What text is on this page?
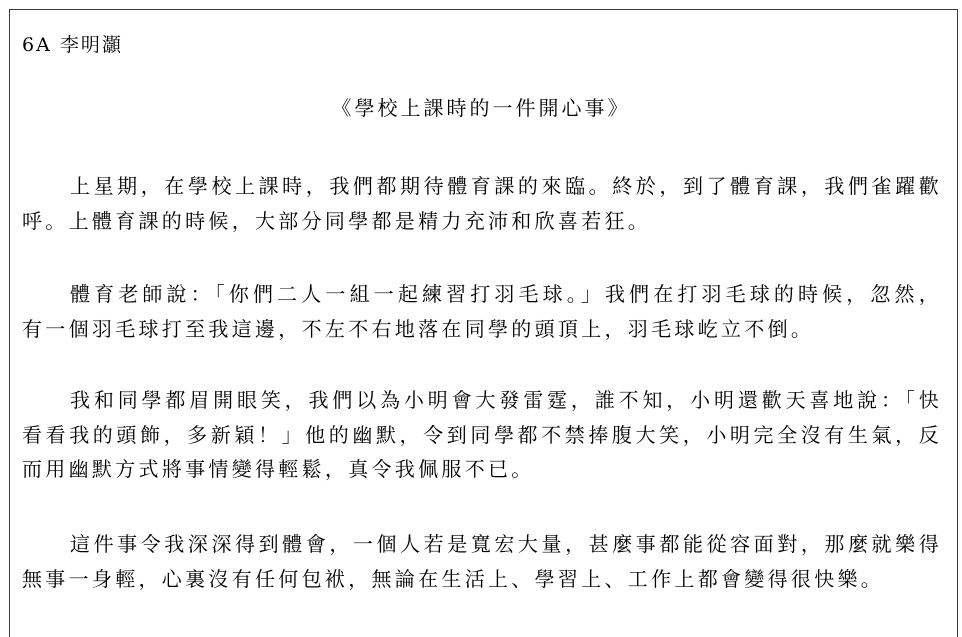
6A 李明灝
《學校上課時的一件開心事》
上星期，在學校上課時，我們都期待體育課的來臨。終於，到了體育課，我們雀躍歡
呼。上體育課的時候，大部分同學都是精力充沛和欣喜若狂。
體育老師說：「你們二人一組一起練習打羽毛球。」我們在打羽毛球的時候，忽然，
有一個羽毛球打至我這邊，不左不右地落在同學的頭頂上，羽毛球屹立不倒。
我和同學都眉開眼笑，我們以為小明會大發雷霆，誰不知，小明還歡天喜地說：「快
看看我的頭飾，多新穎！」他的幽默，令到同學都不禁捧腹大笑，小明完全沒有生氣，反
而用幽默方式將事情變得輕鬆，真令我佩服不已。
這件事令我深深得到體會，一個人若是寬宏大量，甚麼事都能從容面對，那麼就樂得
無事一身輕，心裏沒有任何包袱，無論在生活上、學習上、工作上都會變得很快樂。
